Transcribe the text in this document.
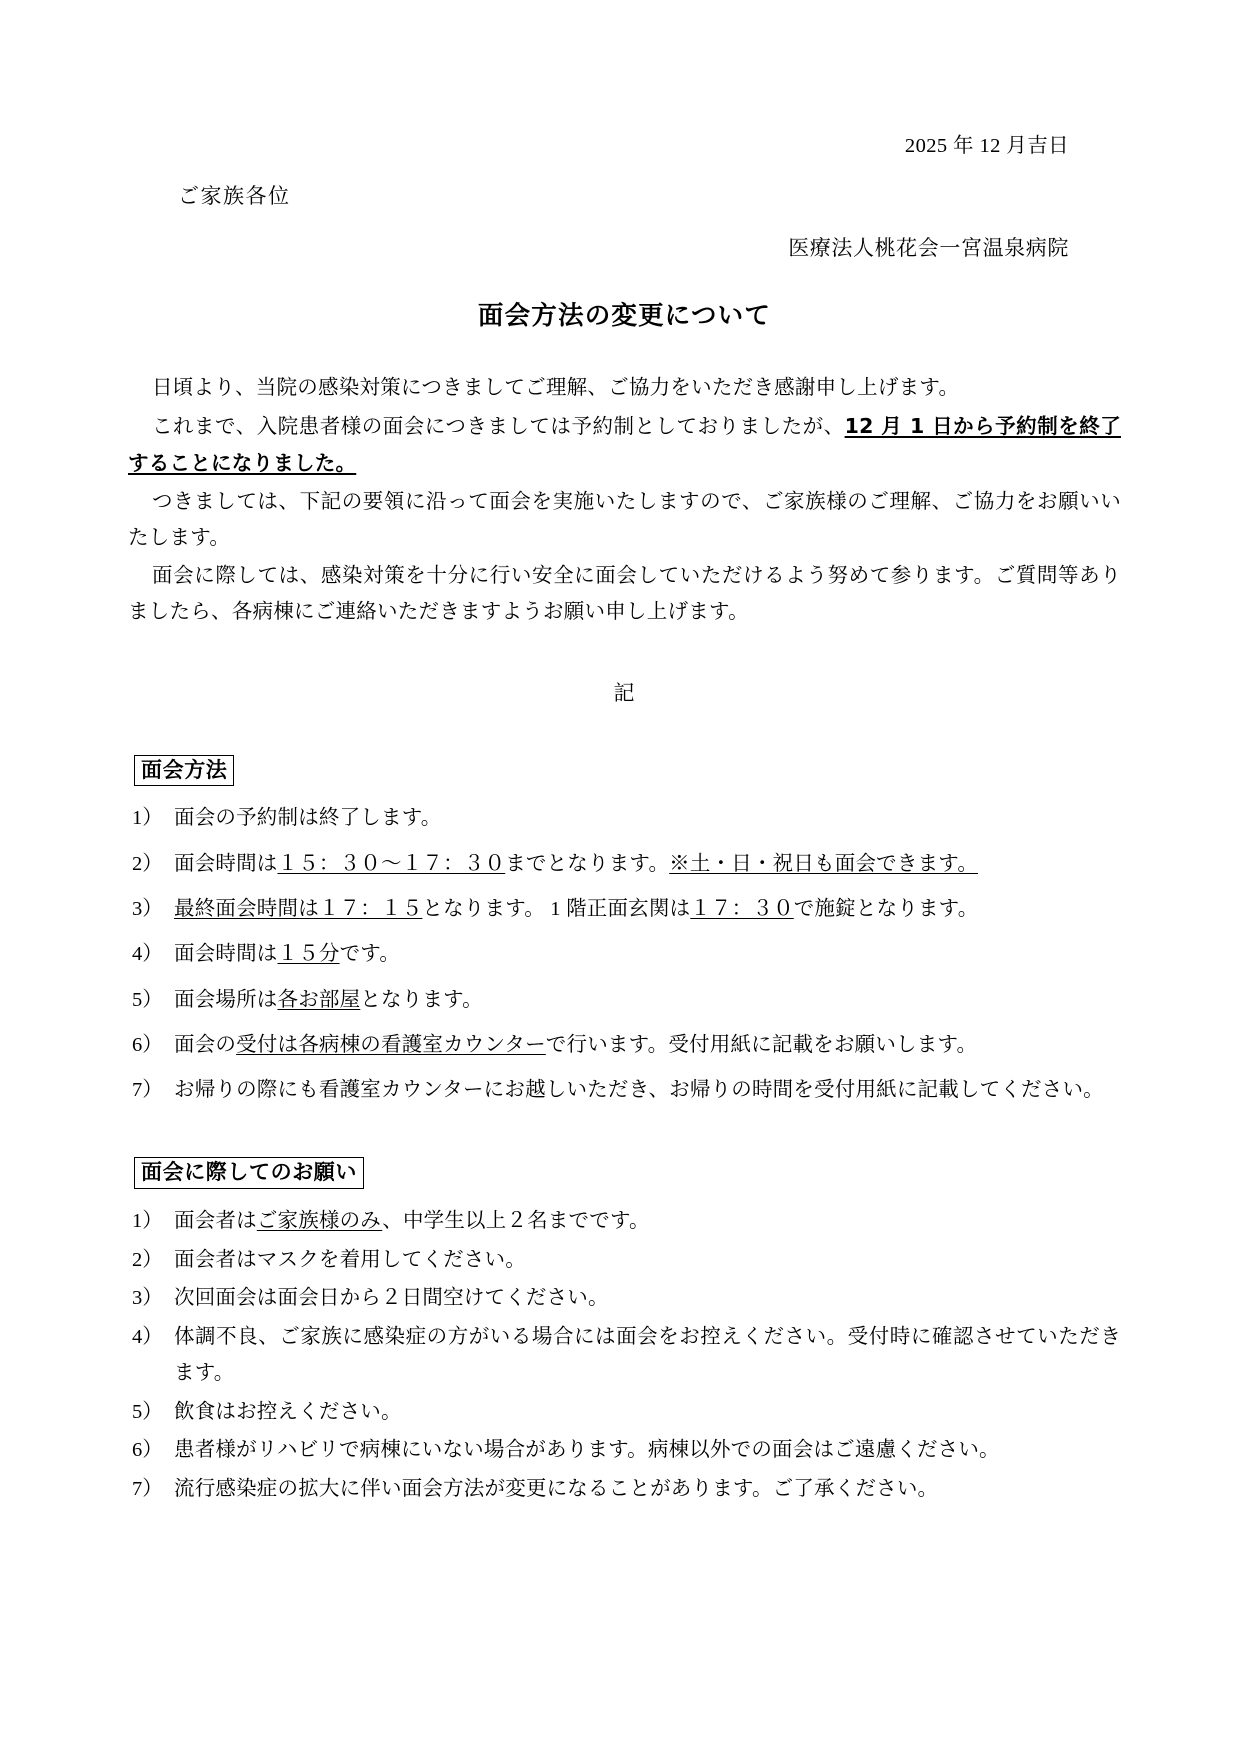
2025 年 12 月吉日
ご家族各位
医療法人桃花会一宮温泉病院
面会方法の変更について

日頃より、当院の感染対策につきましてご理解、ご協力をいただき感謝申し上げます。

これまで、入院患者様の面会につきましては予約制としておりましたが、12 月 1 日から予約制を終了することになりました。

つきましては、下記の要領に沿って面会を実施いたしますので、ご家族様のご理解、ご協力をお願いいたします。

面会に際しては、感染対策を十分に行い安全に面会していただけるよう努めて参ります。ご質問等ありましたら、各病棟にご連絡いただきますようお願い申し上げます。

記
面会方法
1） 面会の予約制は終了します。
2） 面会時間は１５：３０～１７：３０までとなります。※土・日・祝日も面会できます。
3） 最終面会時間は１７：１５となります。 1 階正面玄関は１７：３０で施錠となります。
4） 面会時間は１５分です。
5） 面会場所は各お部屋となります。
6） 面会の受付は各病棟の看護室カウンターで行います。受付用紙に記載をお願いします。
7） お帰りの際にも看護室カウンターにお越しいただき、お帰りの時間を受付用紙に記載してください。
面会に際してのお願い
1） 面会者はご家族様のみ、中学生以上２名までです。
2） 面会者はマスクを着用してください。
3） 次回面会は面会日から２日間空けてください。
4） 体調不良、ご家族に感染症の方がいる場合には面会をお控えください。受付時に確認させていただきます。
5） 飲食はお控えください。
6） 患者様がリハビリで病棟にいない場合があります。病棟以外での面会はご遠慮ください。
7） 流行感染症の拡大に伴い面会方法が変更になることがあります。ご了承ください。
